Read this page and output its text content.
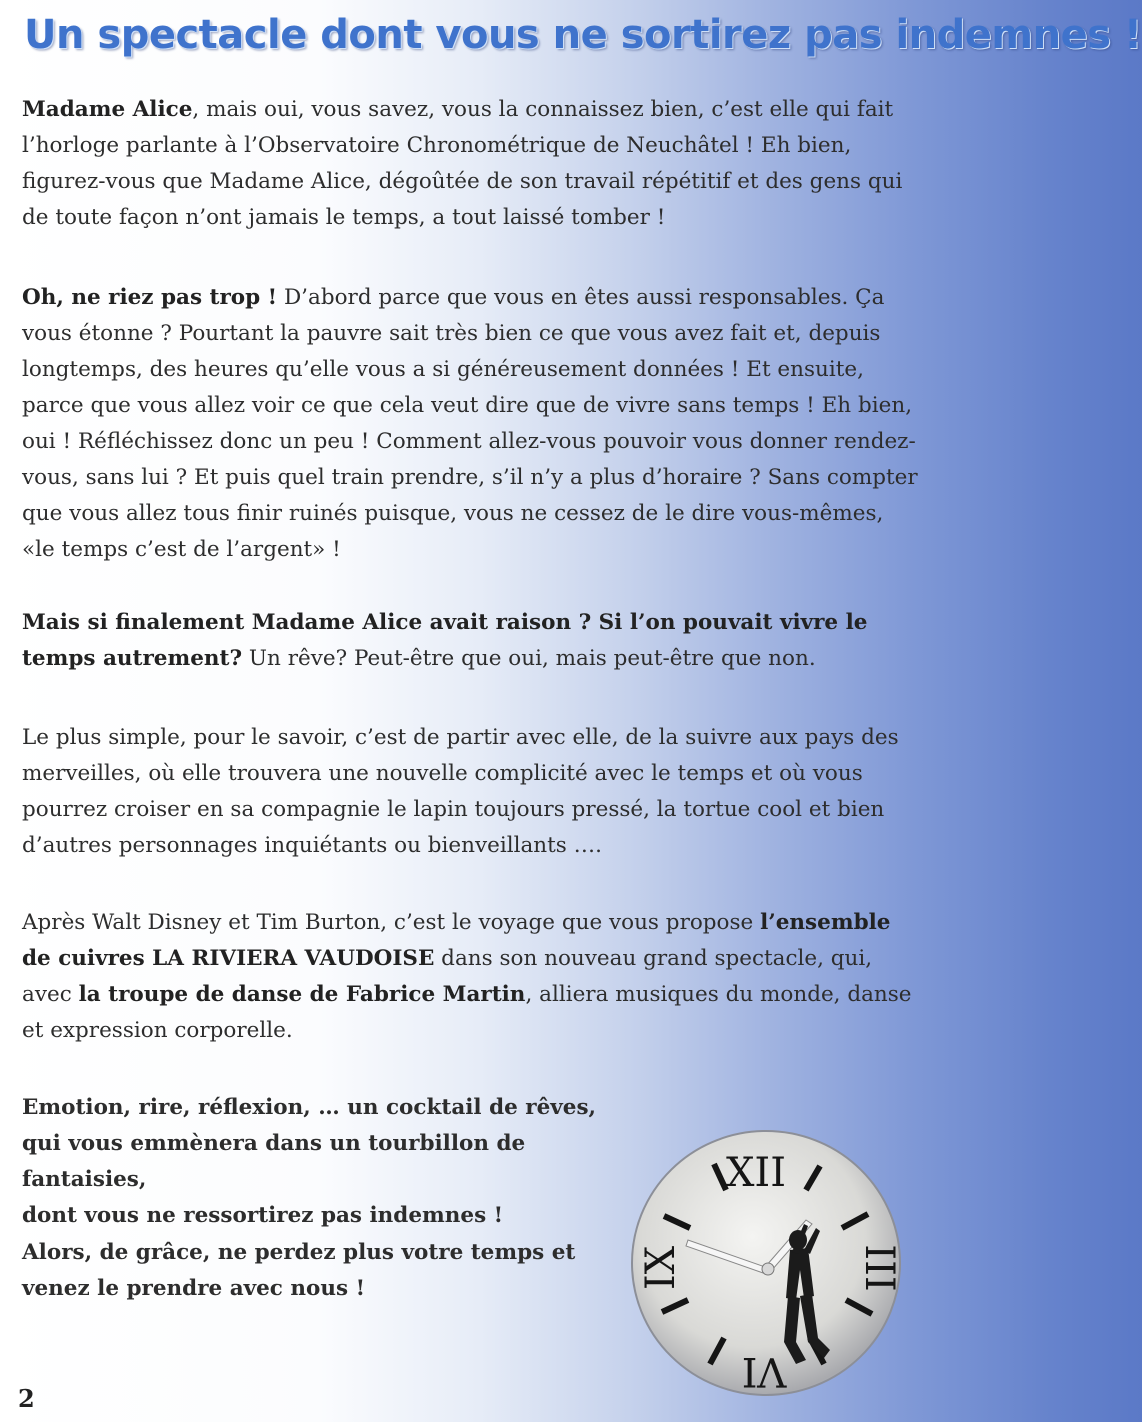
Un spectacle dont vous ne sortirez pas indemnes !

Madame Alice, mais oui, vous savez, vous la connaissez bien, c’est elle qui fait l’horloge parlante à l’Observatoire Chronométrique de Neuchâtel ! Eh bien, figurez-vous que Madame Alice, dégoûtée de son travail répétitif et des gens qui de toute façon n’ont jamais le temps, a tout laissé tomber !

Oh, ne riez pas trop ! D’abord parce que vous en êtes aussi responsables. Ça vous étonne ? Pourtant la pauvre sait très bien ce que vous avez fait et, depuis longtemps, des heures qu’elle vous a si généreusement données ! Et ensuite, parce que vous allez voir ce que cela veut dire que de vivre sans temps ! Eh bien, oui ! Réfléchissez donc un peu ! Comment allez-vous pouvoir vous donner rendez-vous, sans lui ? Et puis quel train prendre, s’il n’y a plus d’horaire ? Sans compter que vous allez tous finir ruinés puisque, vous ne cessez de le dire vous-mêmes, «le temps c’est de l’argent» !

Mais si finalement Madame Alice avait raison ? Si l’on pouvait vivre le temps autrement? Un rêve? Peut-être que oui, mais peut-être que non.

Le plus simple, pour le savoir, c’est de partir avec elle, de la suivre aux pays des merveilles, où elle trouvera une nouvelle complicité avec le temps et où vous pourrez croiser en sa compagnie le lapin toujours pressé, la tortue cool et bien d’autres personnages inquiétants ou bienveillants ….

Après Walt Disney et Tim Burton, c’est le voyage que vous propose l’ensemble de cuivres LA RIVIERA VAUDOISE dans son nouveau grand spectacle, qui, avec la troupe de danse de Fabrice Martin, alliera musiques du monde, danse et expression corporelle.

Emotion, rire, réflexion, … un cocktail de rêves,
qui vous emmènera dans un tourbillon de fantaisies,
dont vous ne ressortirez pas indemnes !

Alors, de grâce, ne perdez plus votre temps et
venez le prendre avec nous !

XII
IX	III
VI
2
